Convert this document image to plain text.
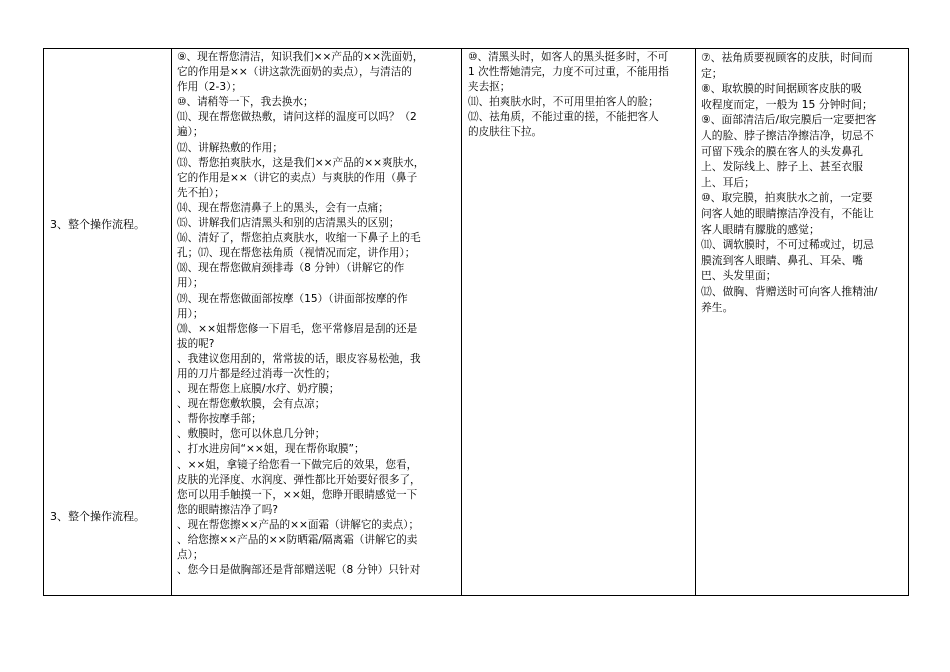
3、整个操作流程。
3、整个操作流程。
⑨、现在帮您清洁，知识我们××产品的××洗面奶，
它的作用是××（讲这款洗面奶的卖点），与清洁的
作用（2-3）；
⑩、请稍等一下，我去换水；
⑾、现在帮您做热敷，请问这样的温度可以吗？（2
遍）；
⑿、讲解热敷的作用；
⒀、帮您拍爽肤水，这是我们××产品的××爽肤水，
它的作用是××（讲它的卖点）与爽肤的作用（鼻子
先不拍）；
⒁、现在帮您清鼻子上的黑头，会有一点痛；
⒂、讲解我们店清黑头和别的店清黑头的区别；
⒃、清好了，帮您拍点爽肤水，收缩一下鼻子上的毛
孔；⒄、现在帮您祛角质（视情况而定，讲作用）；
⒅、现在帮您做肩颈排毒（8 分钟）（讲解它的作
用）；
⒆、现在帮您做面部按摩（15）（讲面部按摩的作
用）；
⒇、××姐帮您修一下眉毛，您平常修眉是刮的还是
拔的呢?
、我建议您用刮的，常常拔的话，眼皮容易松弛，我
用的刀片都是经过消毒一次性的；
、现在帮您上底膜/水疗、奶疗膜；
、现在帮您敷软膜，会有点凉；
、帮你按摩手部；
、敷膜时，您可以休息几分钟；
、打水进房间“××姐，现在帮你取膜”；
、××姐，拿镜子给您看一下做完后的效果，您看，
皮肤的光泽度、水润度、弹性都比开始要好很多了，
您可以用手触摸一下，××姐，您睁开眼睛感觉一下
您的眼睛擦洁净了吗?
、现在帮您擦××产品的××面霜（讲解它的卖点）；
、给您擦××产品的××防晒霜/隔离霜（讲解它的卖
点）；
、您今日是做胸部还是背部赠送呢（8 分钟）只针对
⑩、清黑头时，如客人的黑头挺多时，不可
1 次性帮她清完，力度不可过重，不能用指
夹去抠；
⑾、拍爽肤水时，不可用里拍客人的脸；
⑿、祛角质，不能过重的搓，不能把客人
的皮肤往下拉。
⑦、祛角质要视顾客的皮肤，时间而
定；
⑧、取软膜的时间据顾客皮肤的吸
收程度而定，一般为 15 分钟时间；
⑨、面部清洁后/取完膜后一定要把客
人的脸、脖子擦洁净擦洁净，切忌不
可留下残余的膜在客人的头发鼻孔
上、发际线上、脖子上、甚至衣服
上、耳后；
⑩、取完膜，拍爽肤水之前，一定要
问客人她的眼睛擦洁净没有，不能让
客人眼睛有朦胧的感觉；
⑾、调软膜时，不可过稀或过，切忌
膜流到客人眼睛、鼻孔、耳朵、嘴
巴、头发里面；
⑿、做胸、背赠送时可向客人推精油/
养生。
